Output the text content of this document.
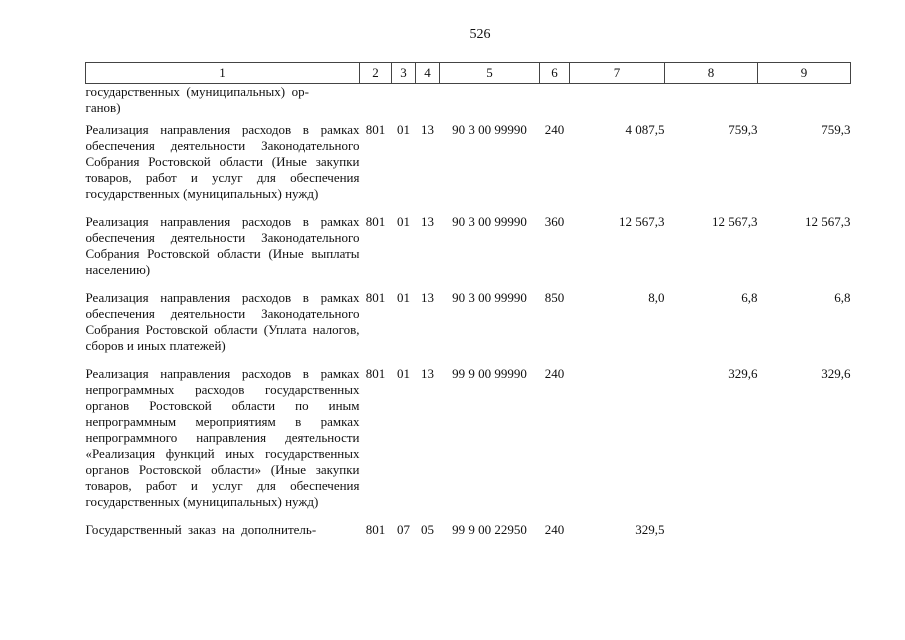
526
1	2	3	4	5	6	7	8	9
государственных  (муниципальных)  ор-
ганов)								
Реализация направления расходов в рамках обеспечения деятельности Законодательного Собрания Ростовской области (Иные закупки товаров, работ и услуг для обеспечения государственных (муниципальных) нужд)	801	01	13	90 3 00 99990	240	4 087,5	759,3	759,3
Реализация направления расходов в рамках обеспечения деятельности Законодательного Собрания Ростовской области (Иные выплаты населению)	801	01	13	90 3 00 99990	360	12 567,3	12 567,3	12 567,3
Реализация направления расходов в рамках обеспечения деятельности Законодательного Собрания Ростовской области (Уплата налогов, сборов и иных платежей)	801	01	13	90 3 00 99990	850	8,0	6,8	6,8
Реализация направления расходов в рамках непрограммных расходов государственных органов Ростовской области по иным непрограммным мероприятиям в рамках непрограммного направления деятельности «Реализация функций иных государственных органов Ростовской области» (Иные закупки товаров, работ и услуг для обеспечения государственных (муниципальных) нужд)	801	01	13	99 9 00 99990	240		329,6	329,6
Государственный заказ на дополнитель-	801	07	05	99 9 00 22950	240	329,5		
